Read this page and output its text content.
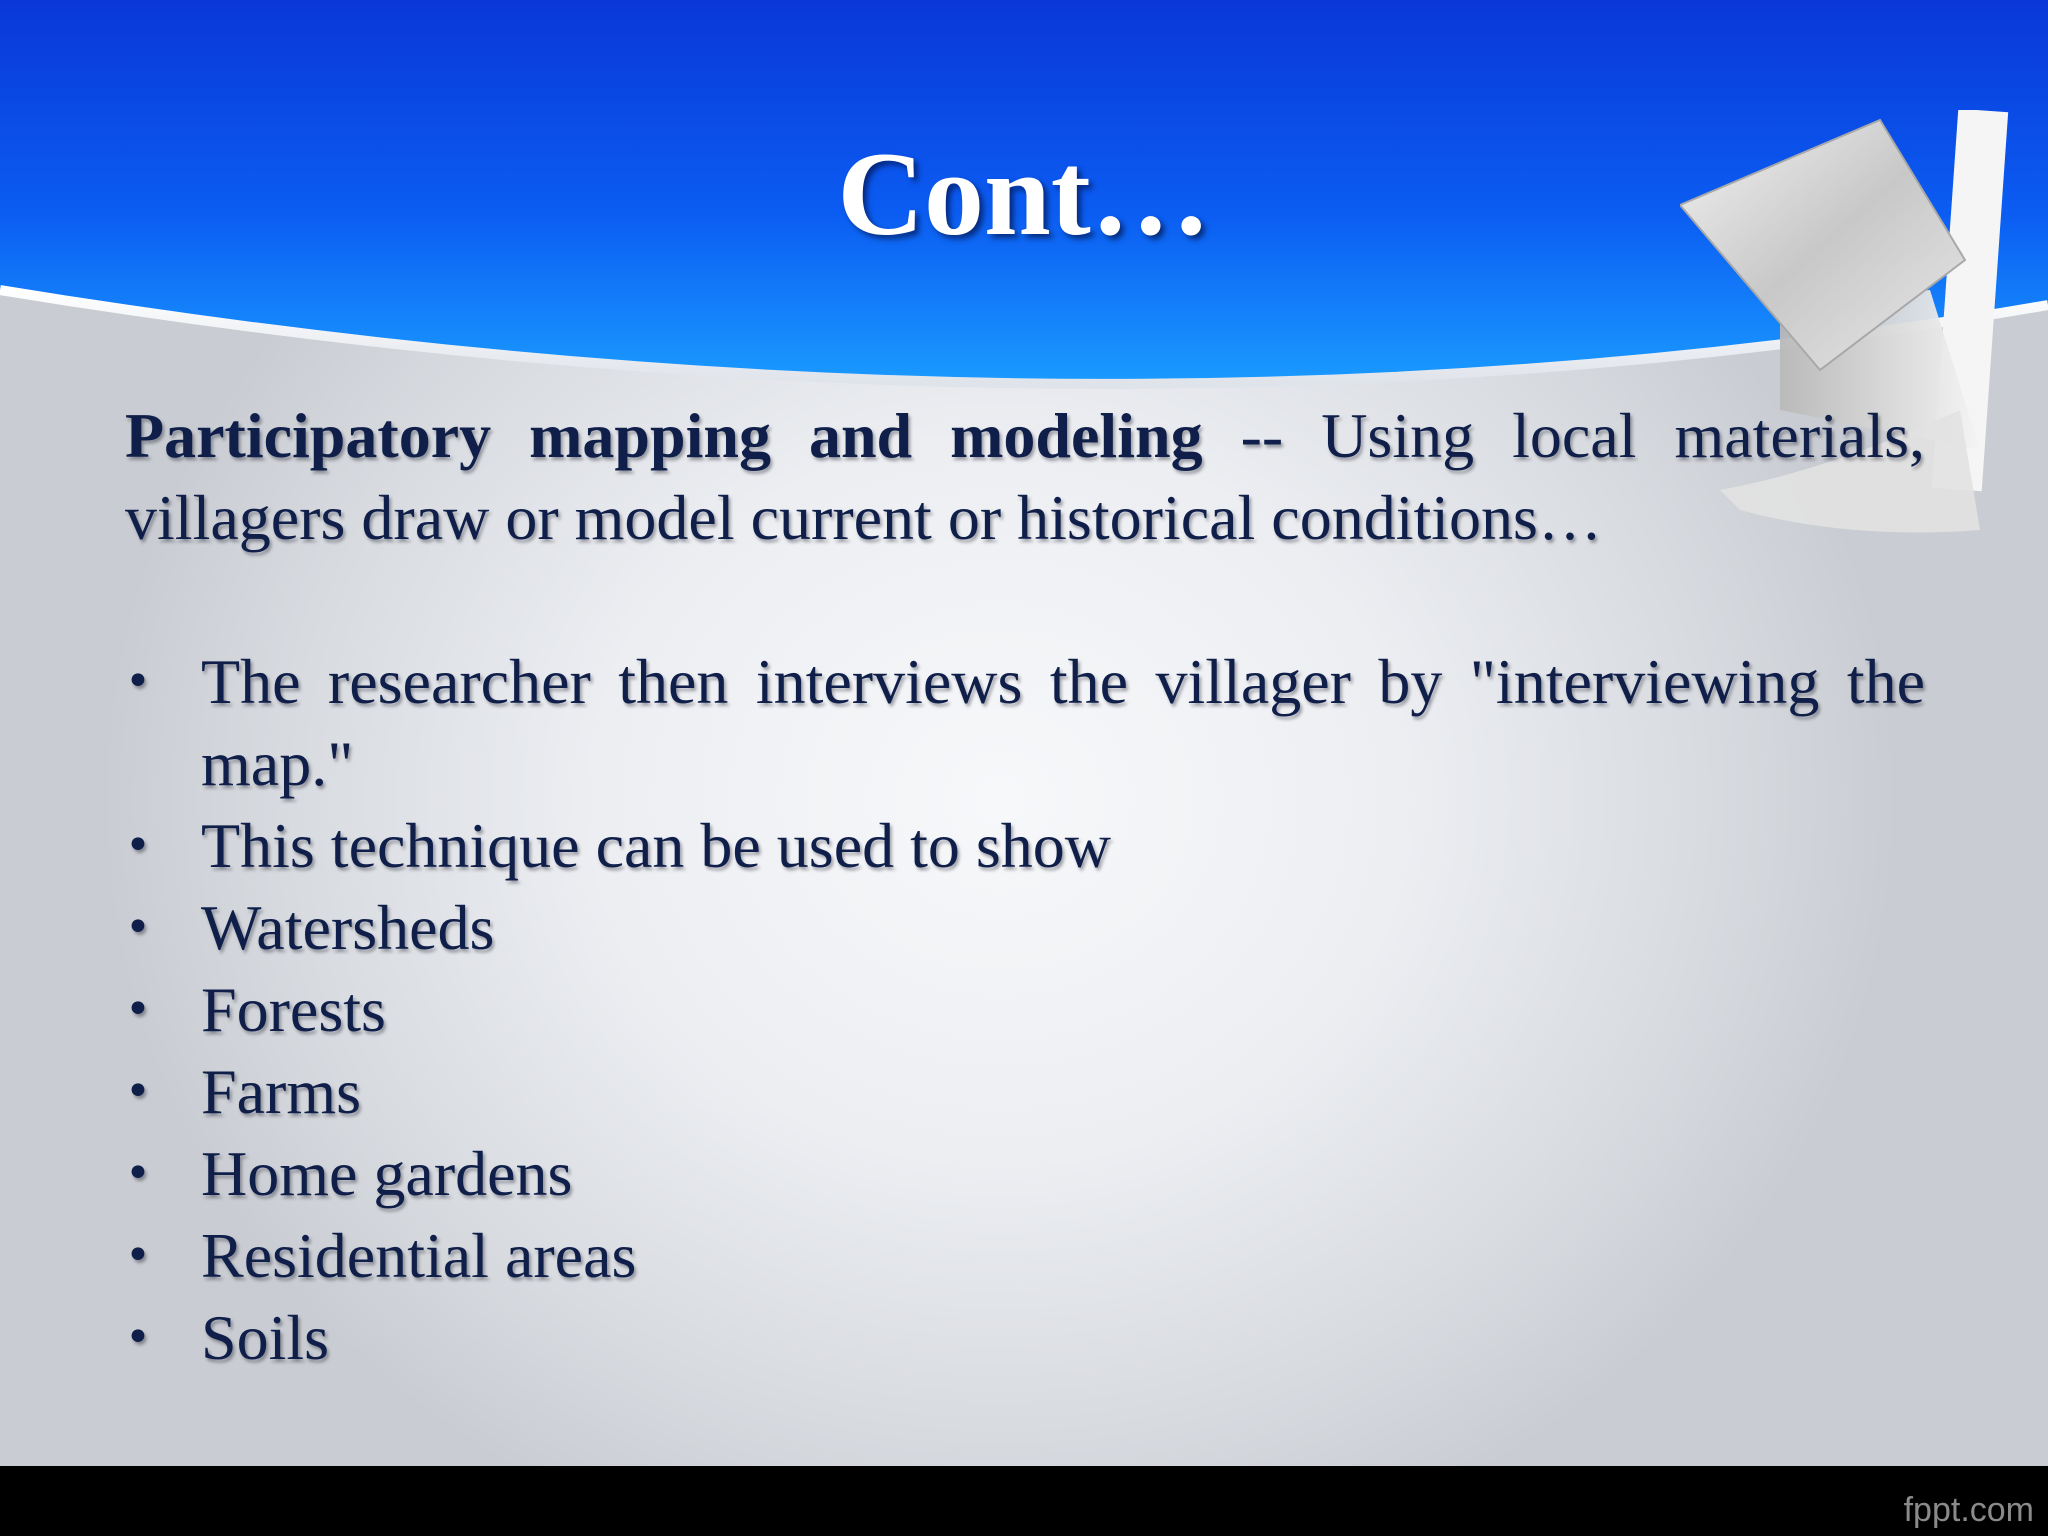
Cont…

Participatory mapping and modeling -- Using local materials, villagers draw or model current or historical conditions…

• The researcher then interviews the villager by "interviewing the map."
• This technique can be used to show
• Watersheds
• Forests
• Farms
• Home gardens
• Residential areas
• Soils
fppt.com
